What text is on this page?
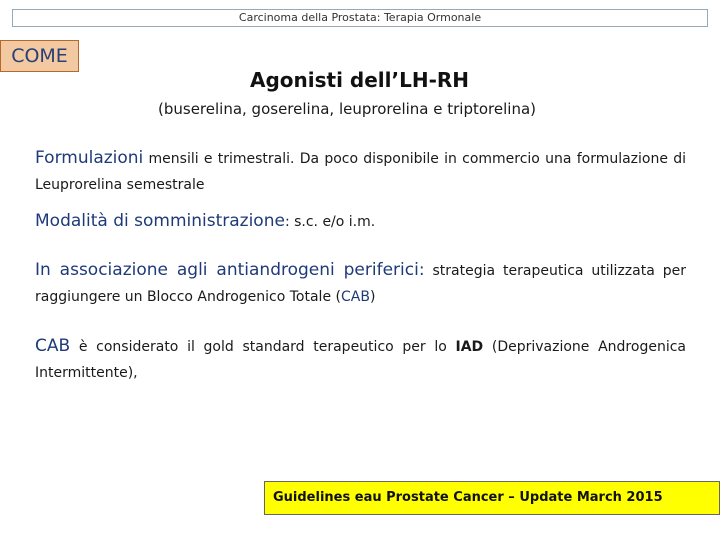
Carcinoma della Prostata: Terapia Ormonale
COME
Agonisti dell’LH-RH
(buserelina, goserelina, leuprorelina e triptorelina)
Formulazioni mensili e trimestrali. Da poco disponibile in commercio una formulazione di Leuprorelina semestrale
Modalità di somministrazione: s.c. e/o i.m.
In associazione agli antiandrogeni periferici: strategia terapeutica utilizzata per raggiungere un Blocco Androgenico Totale (CAB)
CAB è considerato il gold standard terapeutico per lo IAD (Deprivazione Androgenica Intermittente),
Guidelines eau Prostate Cancer – Update March 2015
